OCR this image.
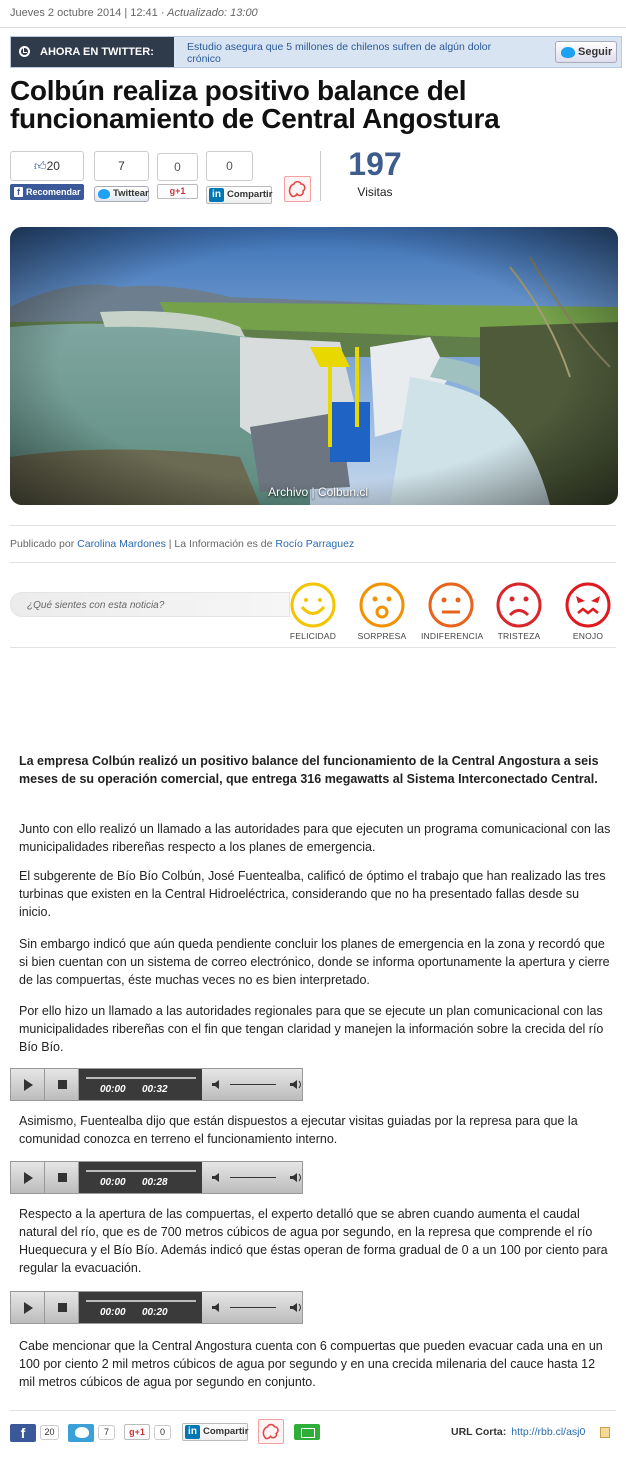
Jueves 2 octubre 2014 | 12:41 · Actualizado: 13:00
AHORA EN TWITTER:	Estudio asegura que 5 millones de chilenos sufren de algún dolor crónico
Seguir
Colbún realiza positivo balance del funcionamiento de Central Angostura
👍︎20
f Recomendar
7
Twittear
0
g+1
0
in Compartir
197
Visitas
Archivo | Colbun.cl
Publicado por Carolina Mardones | La Información es de Rocío Parraguez
¿Qué sientes con esta noticia?
FELICIDAD	SORPRESA	INDIFERENCIA	TRISTEZA	ENOJO

La empresa Colbún realizó un positivo balance del funcionamiento de la Central Angostura a seis meses de su operación comercial, que entrega 316 megawatts al Sistema Interconectado Central.

Junto con ello realizó un llamado a las autoridades para que ejecuten un programa comunicacional con las municipalidades ribereñas respecto a los planes de emergencia.

El subgerente de Bío Bío Colbún, José Fuentealba, calificó de óptimo el trabajo que han realizado las tres turbinas que existen en la Central Hidroeléctrica, considerando que no ha presentado fallas desde su inicio.

Sin embargo indicó que aún queda pendiente concluir los planes de emergencia en la zona y recordó que si bien cuentan con un sistema de correo electrónico, donde se informa oportunamente la apertura y cierre de las compuertas, éste muchas veces no es bien interpretado.

Por ello hizo un llamado a las autoridades regionales para que se ejecute un plan comunicacional con las municipalidades ribereñas con el fin que tengan claridad y manejen la información sobre la crecida del río Bío Bío.

00:00 00:32

Asimismo, Fuentealba dijo que están dispuestos a ejecutar visitas guiadas por la represa para que la comunidad conozca en terreno el funcionamiento interno.

00:00 00:28

Respecto a la apertura de las compuertas, el experto detalló que se abren cuando aumenta el caudal natural del río, que es de 700 metros cúbicos de agua por segundo, en la represa que comprende el río Huequecura y el Bío Bío. Además indicó que éstas operan de forma gradual de 0 a un 100 por ciento para regular la evacuación.

00:00 00:20

Cabe mencionar que la Central Angostura cuenta con 6 compuertas que pueden evacuar cada una en un 100 por ciento 2 mil metros cúbicos de agua por segundo y en una crecida milenaria del cauce hasta 12 mil metros cúbicos de agua por segundo en conjunto.

f	20	7	g+1	0	in Compartir	URL Corta: http://rbb.cl/asj0
